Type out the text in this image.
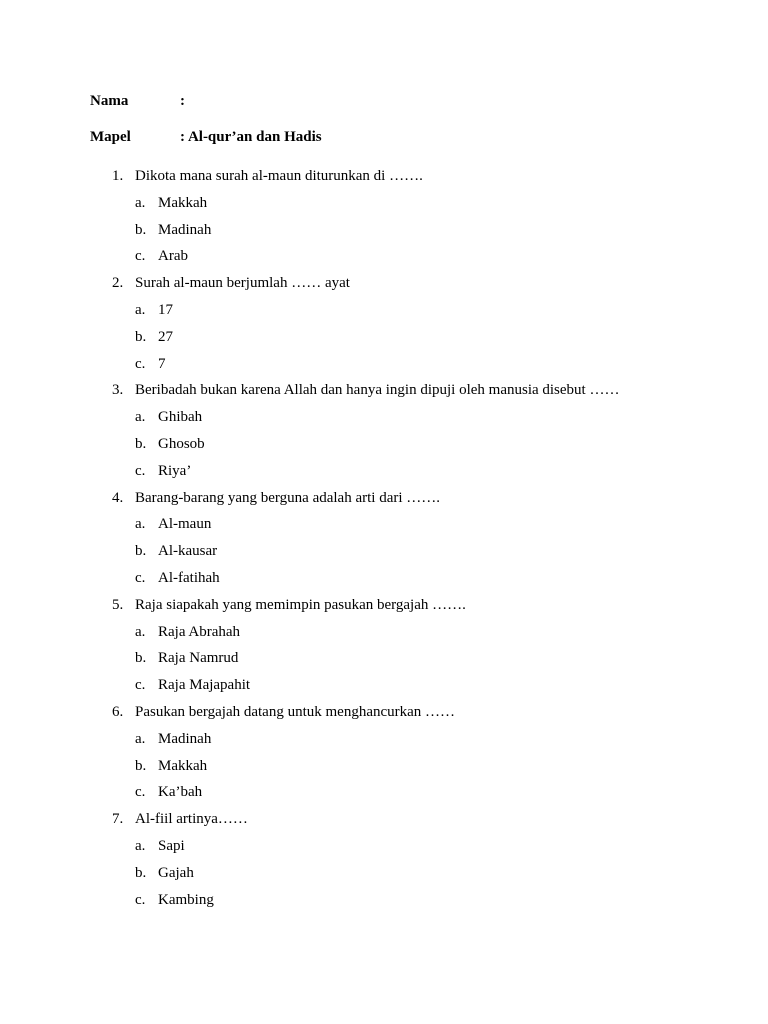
Nama	:
Mapel	: Al-qur’an dan Hadis
1. Dikota mana surah al-maun diturunkan di …….
a. Makkah
b. Madinah
c. Arab
2. Surah al-maun berjumlah …… ayat
a. 17
b. 27
c. 7
3. Beribadah bukan karena Allah dan hanya ingin dipuji oleh manusia disebut ……
a. Ghibah
b. Ghosob
c. Riya’
4. Barang-barang yang berguna adalah arti dari …….
a. Al-maun
b. Al-kausar
c. Al-fatihah
5. Raja siapakah yang memimpin pasukan bergajah …….
a. Raja Abrahah
b. Raja Namrud
c. Raja Majapahit
6. Pasukan bergajah datang untuk menghancurkan ……
a. Madinah
b. Makkah
c. Ka’bah
7. Al-fiil artinya……
a. Sapi
b. Gajah
c. Kambing
